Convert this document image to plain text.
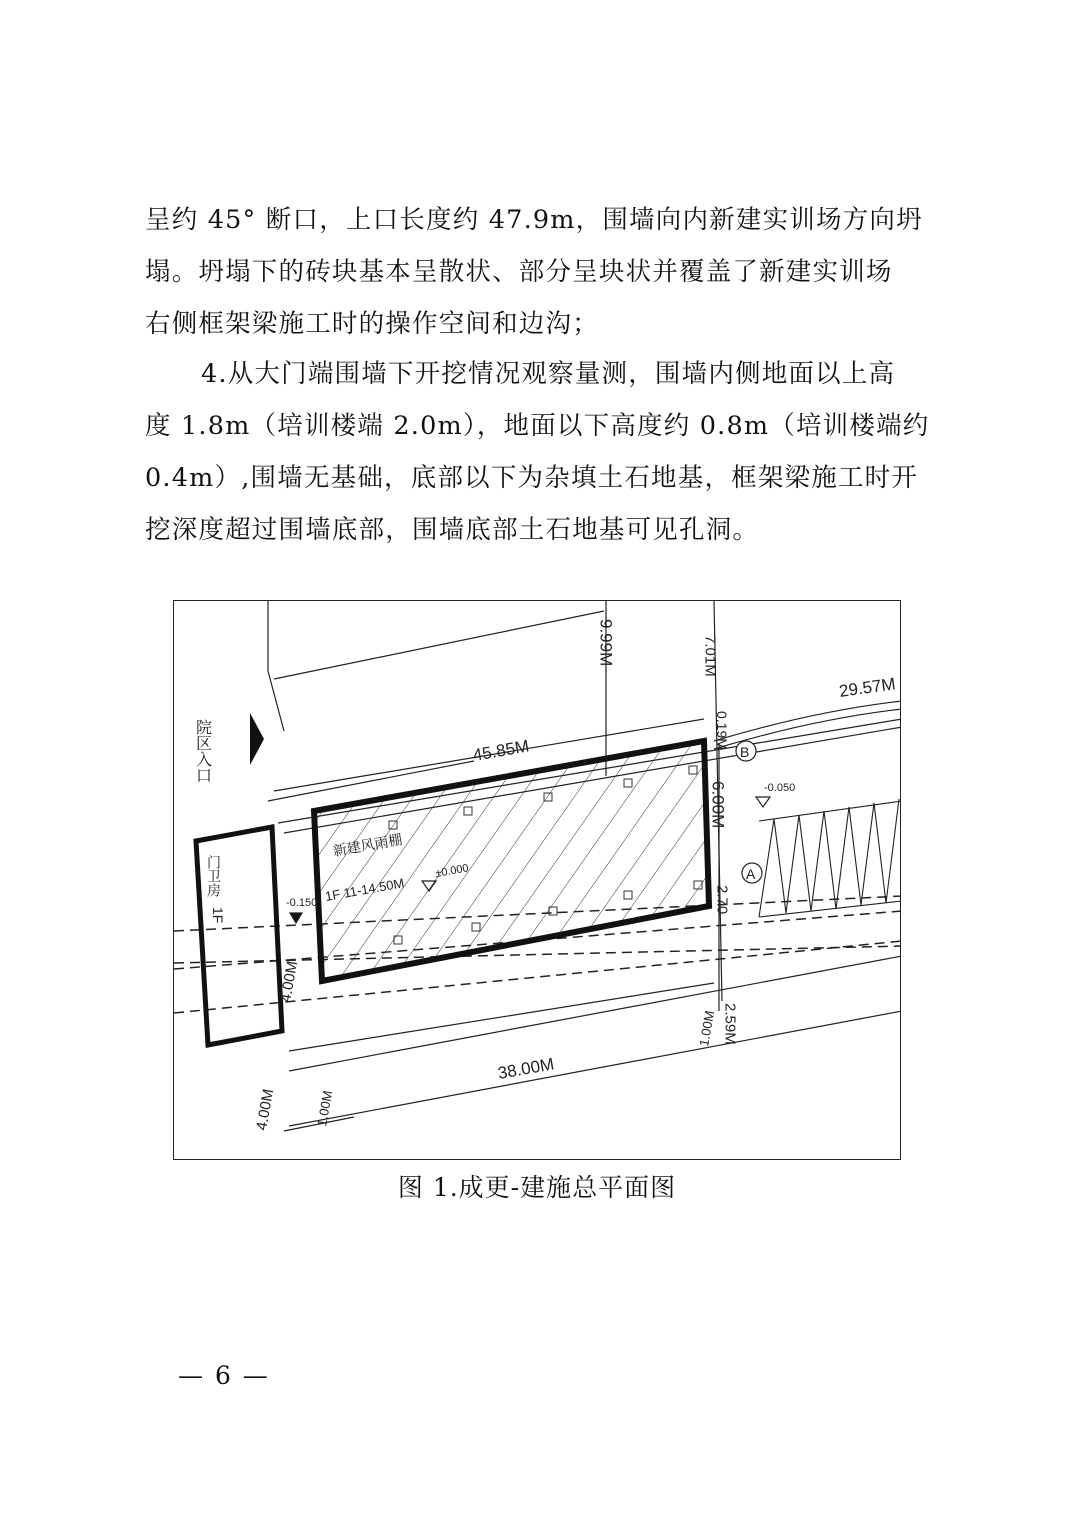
呈约 45° 断口，上口长度约 47.9m，围墙向内新建实训场方向坍
塌。坍塌下的砖块基本呈散状、部分呈块状并覆盖了新建实训场
右侧框架梁施工时的操作空间和边沟；

4.从大门端围墙下开挖情况观察量测，围墙内侧地面以上高
度 1.8m（培训楼端 2.0m），地面以下高度约 0.8m（培训楼端约
0.4m）,围墙无基础，底部以下为杂填土石地基，框架梁施工时开
挖深度超过围墙底部，围墙底部土石地基可见孔洞。

院区入口
门卫房
1F
新建风雨棚
1F 11-14.50M
±0.000
-0.150
-0.050
B
A
45.85M
38.00M
9.99M
29.57M
7.01M
0.19M
6.00M
2.70
2.59M
4.00M
4.00M	1.00M
1.00M
图 1.成更-建施总平面图
— 6 —
